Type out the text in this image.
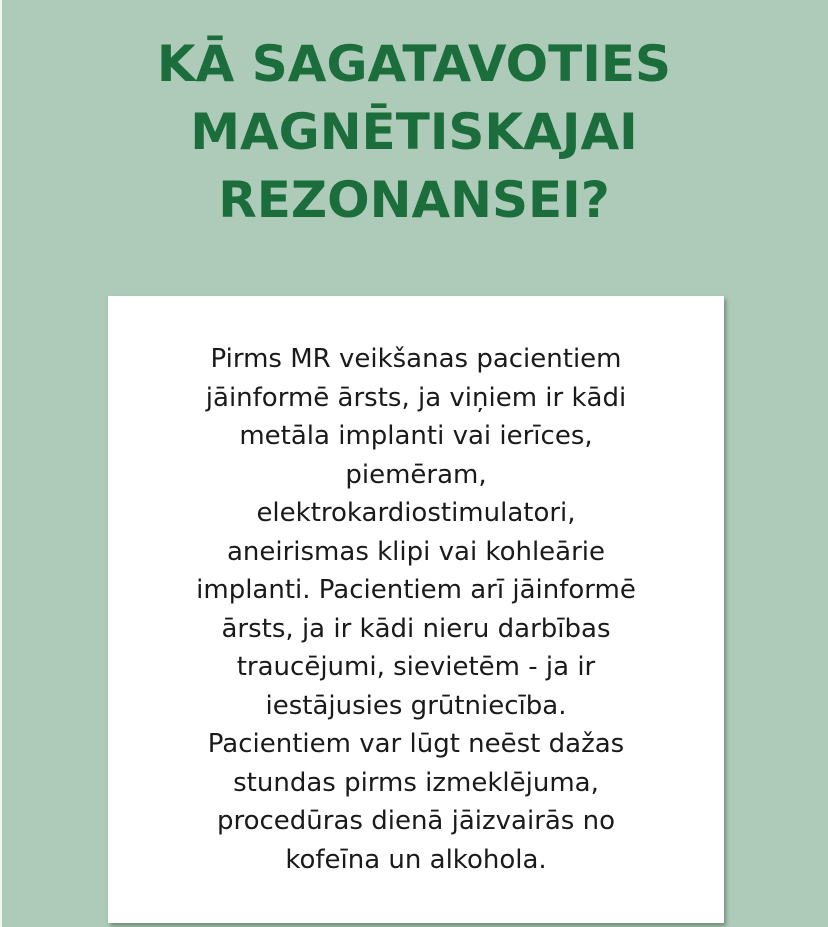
KĀ SAGATAVOTIES
MAGNĒTISKAJAI
REZONANSEI?

Pirms MR veikšanas pacientiem
jāinformē ārsts, ja viņiem ir kādi
metāla implanti vai ierīces,
piemēram,
elektrokardiostimulatori,
aneirismas klipi vai kohleārie
implanti. Pacientiem arī jāinformē
ārsts, ja ir kādi nieru darbības
traucējumi, sievietēm - ja ir
iestājusies grūtniecība.
Pacientiem var lūgt neēst dažas
stundas pirms izmeklējuma,
procedūras dienā jāizvairās no
kofeīna un alkohola.
